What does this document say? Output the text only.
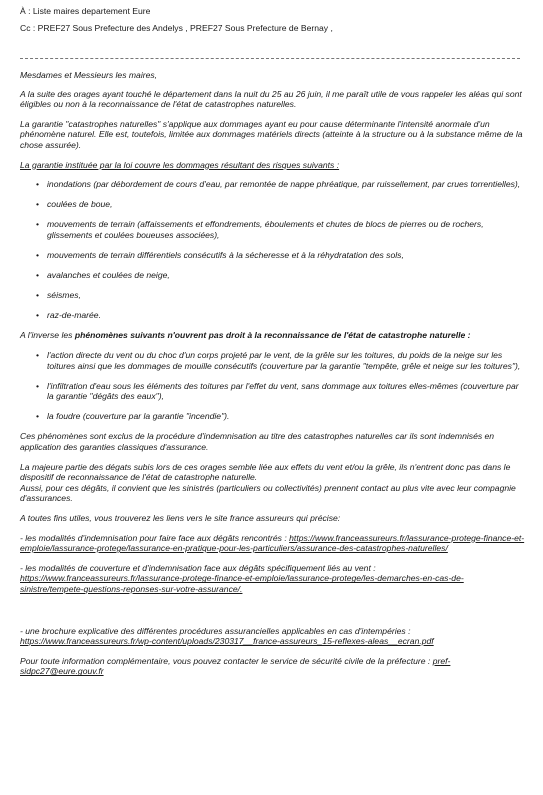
À : Liste maires departement Eure
Cc : PREF27 Sous Prefecture des Andelys , PREF27 Sous Prefecture de Bernay ,

Mesdames et Messieurs les maires,

A la suite des orages ayant touché le département dans la nuit du 25 au 26 juin, il me paraît utile de vous rappeler les aléas qui sont éligibles ou non à la reconnaissance de l'état de catastrophes naturelles.

La garantie "catastrophes naturelles" s'applique aux dommages ayant eu pour cause déterminante l'intensité anormale d'un phénomène naturel. Elle est, toutefois, limitée aux dommages matériels directs (atteinte à la structure ou à la substance même de la chose assurée).

La garantie instituée par la loi couvre les dommages résultant des risques suivants :

• inondations (par débordement de cours d'eau, par remontée de nappe phréatique, par ruissellement, par crues torrentielles),
• coulées de boue,
• mouvements de terrain (affaissements et effondrements, éboulements et chutes de blocs de pierres ou de rochers, glissements et coulées boueuses associées),
• mouvements de terrain différentiels consécutifs à la sécheresse et à la réhydratation des sols,
• avalanches et coulées de neige,
• séismes,
• raz-de-marée.

A l'inverse les phénomènes suivants n'ouvrent pas droit à la reconnaissance de l'état de catastrophe naturelle :

• l'action directe du vent ou du choc d'un corps projeté par le vent, de la grêle sur les toitures, du poids de la neige sur les toitures ainsi que les dommages de mouille consécutifs (couverture par la garantie "tempête, grêle et neige sur les toitures"),
• l'infiltration d'eau sous les éléments des toitures par l'effet du vent, sans dommage aux toitures elles-mêmes (couverture par la garantie "dégâts des eaux"),
• la foudre (couverture par la garantie "incendie").

Ces phénomènes sont exclus de la procédure d'indemnisation au titre des catastrophes naturelles car ils sont indemnisés en application des garanties classiques d'assurance.

La majeure partie des dégats subis lors de ces orages semble liée aux effets du vent et/ou la grêle, ils n'entrent donc pas dans le dispositif de reconnaissance de l'état de catastrophe naturelle.

Aussi, pour ces dégâts, il convient que les sinistrés (particuliers ou collectivités) prennent contact au plus vite avec leur compagnie d'assurances.

A toutes fins utiles, vous trouverez les liens vers le site france assureurs qui précise:

- les modalités d'indemnisation pour faire face aux dégâts rencontrés : https://www.franceassureurs.fr/lassurance-protege-finance-et-emploie/lassurance-protege/lassurance-en-pratique-pour-les-particuliers/assurance-des-catastrophes-naturelles/

- les modalités de couverture et d'indemnisation face aux dégâts spécifiquement liés au vent :
https://www.franceassureurs.fr/lassurance-protege-finance-et-emploie/lassurance-protege/les-demarches-en-cas-de-sinistre/tempete-questions-reponses-sur-votre-assurance/.

- une brochure explicative des différentes procédures assurancielles applicables en cas d'intempéries :
https://www.franceassureurs.fr/wp-content/uploads/230317__france-assureurs_15-reflexes-aleas__ecran.pdf

Pour toute information complémentaire, vous pouvez contacter le service de sécurité civile de la préfecture : pref-sidpc27@eure.gouv.fr
